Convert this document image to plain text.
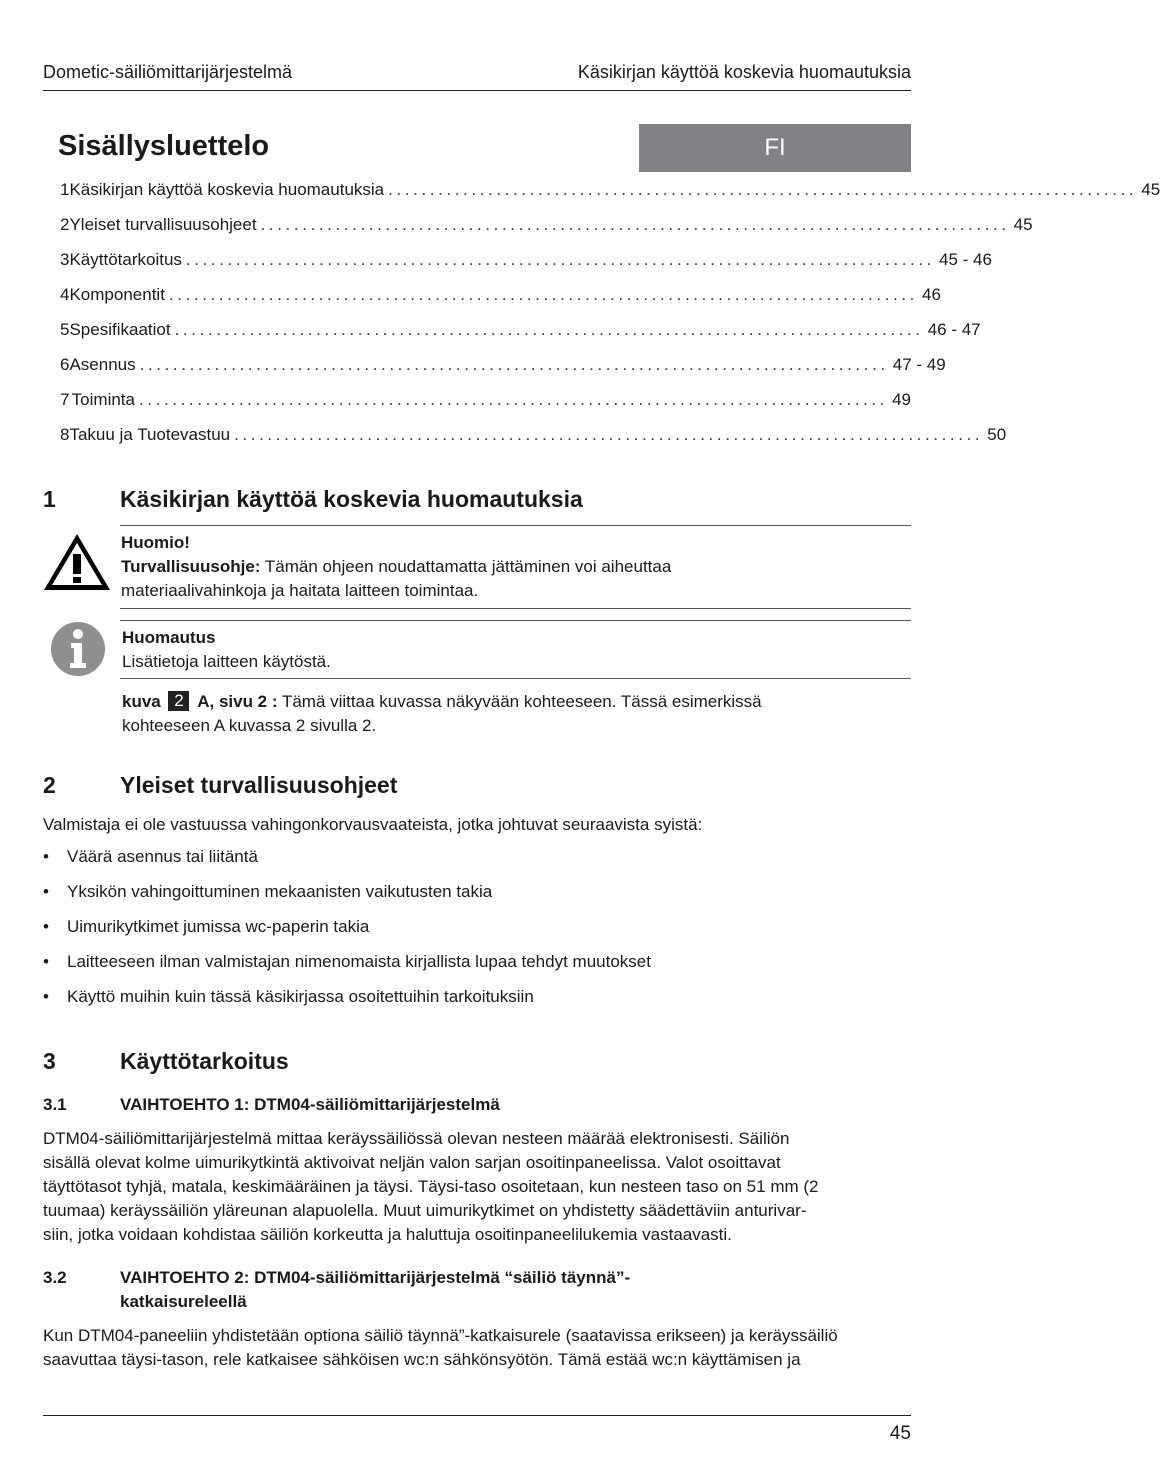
Dometic-säiliömittarijärjestelmä	Käsikirjan käyttöä koskevia huomautuksia
Sisällysluettelo	FI
1 Käsikirjan käyttöä koskevia huomautuksia .......................................................................................... 45
2 Yleiset turvallisuusohjeet .......................................................................................... 45
3 Käyttötarkoitus .......................................................................................... 45 - 46
4 Komponentit .......................................................................................... 46
5 Spesifikaatiot .......................................................................................... 46 - 47
6 Asennus .......................................................................................... 47 - 49
7 Toiminta .......................................................................................... 49
8 Takuu ja Tuotevastuu .......................................................................................... 50
1	Käsikirjan käyttöä koskevia huomautuksia
Huomio!
Turvallisuusohje: Tämän ohjeen noudattamatta jättäminen voi aiheuttaa
materiaalivahinkoja ja haitata laitteen toimintaa.
Huomautus
Lisätietoja laitteen käytöstä.
kuva 2 A, sivu 2 : Tämä viittaa kuvassa näkyvään kohteeseen. Tässä esimerkissä
kohteeseen A kuvassa 2 sivulla 2.
2	Yleiset turvallisuusohjeet
Valmistaja ei ole vastuussa vahingonkorvausvaateista, jotka johtuvat seuraavista syistä:
•	Väärä asennus tai liitäntä
•	Yksikön vahingoittuminen mekaanisten vaikutusten takia
•	Uimurikytkimet jumissa wc-paperin takia
•	Laitteeseen ilman valmistajan nimenomaista kirjallista lupaa tehdyt muutokset
•	Käyttö muihin kuin tässä käsikirjassa osoitettuihin tarkoituksiin
3	Käyttötarkoitus
3.1	VAIHTOEHTO 1: DTM04-säiliömittarijärjestelmä
DTM04-säiliömittarijärjestelmä mittaa keräyssäiliössä olevan nesteen määrää elektronisesti. Säiliön
sisällä olevat kolme uimurikytkintä aktivoivat neljän valon sarjan osoitinpaneelissa. Valot osoittavat
täyttötasot tyhjä, matala, keskimääräinen ja täysi. Täysi-taso osoitetaan, kun nesteen taso on 51 mm (2
tuumaa) keräyssäiliön yläreunan alapuolella. Muut uimurikytkimet on yhdistetty säädettäviin anturivar-
siin, jotka voidaan kohdistaa säiliön korkeutta ja haluttuja osoitinpaneelilukemia vastaavasti.
3.2	VAIHTOEHTO 2: DTM04-säiliömittarijärjestelmä “säiliö täynnä”-
katkaisureleellä
Kun DTM04-paneeliin yhdistetään optiona säiliö täynnä”-katkaisurele (saatavissa erikseen) ja keräyssäiliö
saavuttaa täysi-tason, rele katkaisee sähköisen wc:n sähkönsyötön. Tämä estää wc:n käyttämisen ja
45
